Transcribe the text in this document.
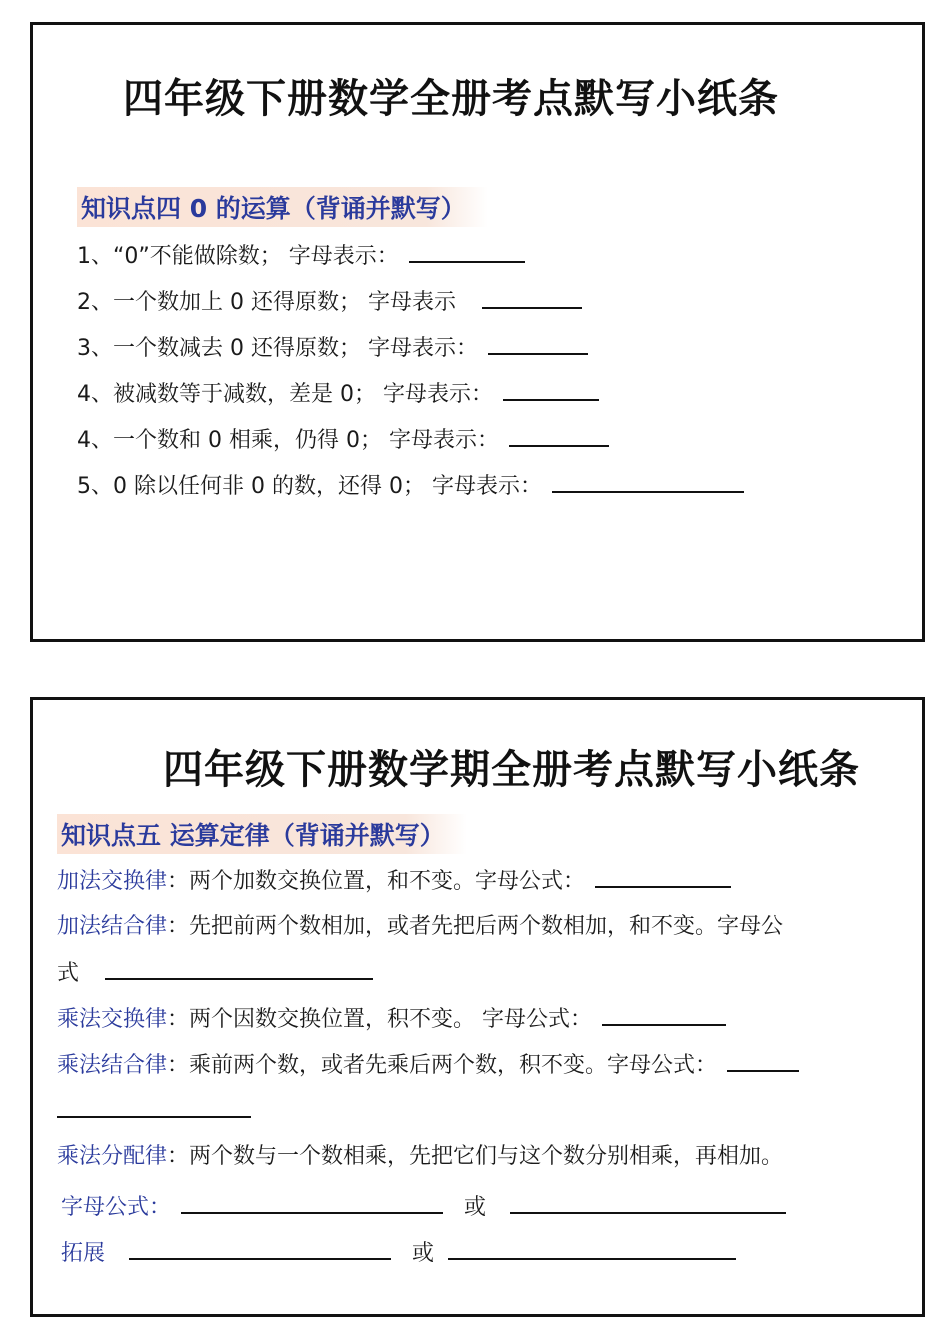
四年级下册数学全册考点默写小纸条
知识点四 0 的运算（背诵并默写）
1、“0”不能做除数； 字母表示：
2、一个数加上 0 还得原数； 字母表示
3、一个数减去 0 还得原数； 字母表示：
4、被减数等于减数，差是 0； 字母表示：
4、一个数和 0 相乘，仍得 0； 字母表示：
5、0 除以任何非 0 的数，还得 0； 字母表示：
四年级下册数学期全册考点默写小纸条
知识点五 运算定律（背诵并默写）
加法交换律：两个加数交换位置，和不变。字母公式：
加法结合律：先把前两个数相加，或者先把后两个数相加，和不变。字母公
式
乘法交换律：两个因数交换位置，积不变。 字母公式：
乘法结合律：乘前两个数，或者先乘后两个数，积不变。字母公式：
乘法分配律：两个数与一个数相乘，先把它们与这个数分别相乘，再相加。
字母公式：	或
拓展	或
